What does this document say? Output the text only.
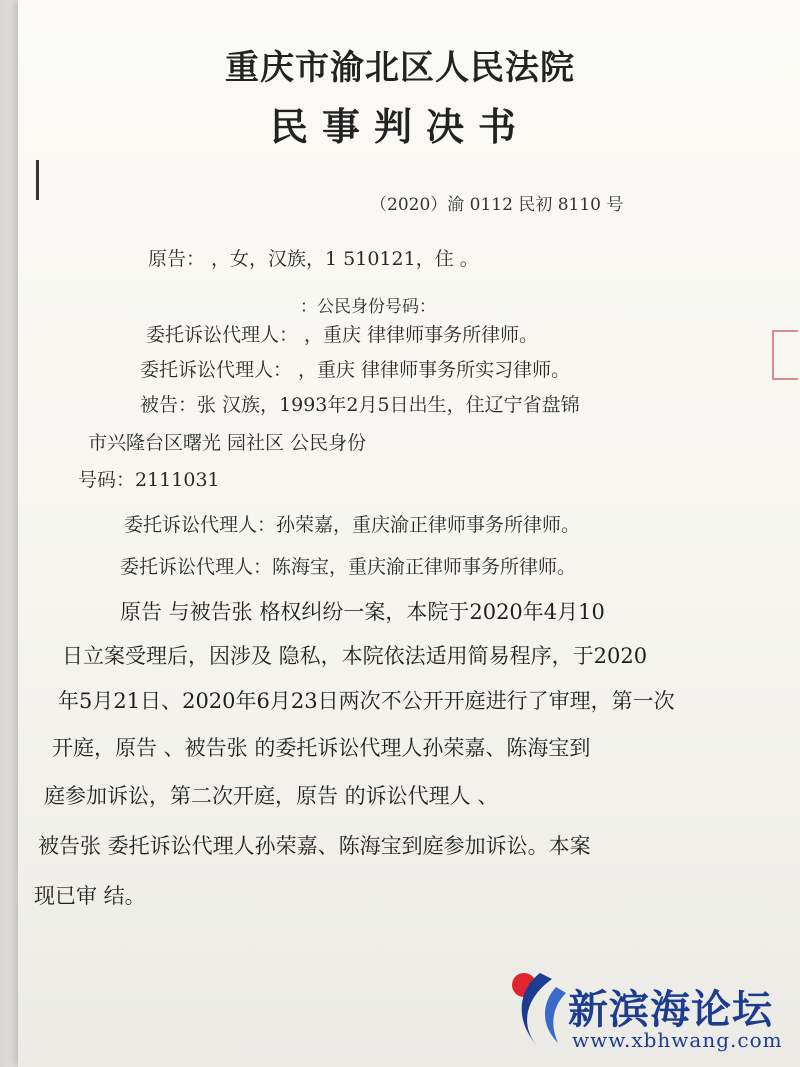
重庆市渝北区人民法院
民事判决书
（2020）渝 0112 民初 8110 号
原告： ，女，汉族，1 510121，住 。
：公民身份号码：
委托诉讼代理人： ，重庆 律律师事务所律师。
委托诉讼代理人： ，重庆 律律师事务所实习律师。
被告：张 汉族，1993年2月5日出生，住辽宁省盘锦
市兴隆台区曙光 园社区 公民身份
号码：2111031
委托诉讼代理人：孙荣嘉，重庆渝正律师事务所律师。
委托诉讼代理人：陈海宝，重庆渝正律师事务所律师。
原告 与被告张 格权纠纷一案，本院于2020年4月10
日立案受理后，因涉及 隐私，本院依法适用简易程序，于2020
年5月21日、2020年6月23日两次不公开开庭进行了审理，第一次
开庭，原告 、被告张 的委托诉讼代理人孙荣嘉、陈海宝到
庭参加诉讼，第二次开庭，原告 的诉讼代理人 、
被告张 委托诉讼代理人孙荣嘉、陈海宝到庭参加诉讼。本案
现已审 结。
新滨海论坛
www.xbhwang.com
